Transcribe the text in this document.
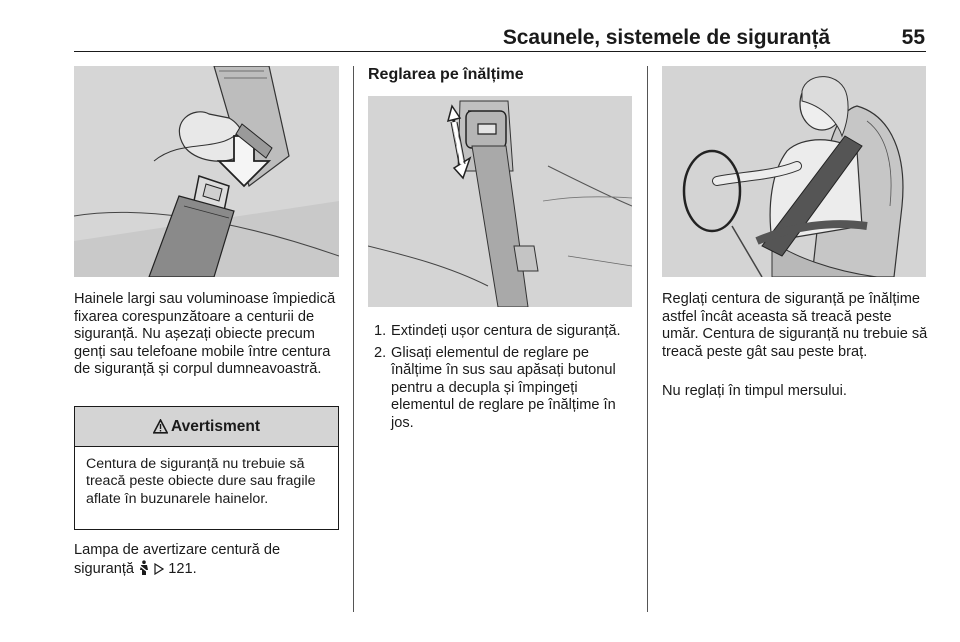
Scaunele, sistemele de siguranță	55
Hainele largi sau voluminoase împiedică fixarea corespunzătoare a centurii de siguranță. Nu așezați obiecte precum genți sau telefoane mobile între centura de siguranță și corpul dumneavoastră.
Avertisment
Centura de siguranță nu trebuie să treacă peste obiecte dure sau fragile aflate în buzunarele hainelor.
Lampa de avertizare centură de siguranță 121.
Reglarea pe înălțime
1. Extindeți ușor centura de siguranță.
2. Glisați elementul de reglare pe înălțime în sus sau apăsați butonul pentru a decupla și împingeți elementul de reglare pe înălțime în jos.
Reglați centura de siguranță pe înălțime astfel încât aceasta să treacă peste umăr. Centura de siguranță nu trebuie să treacă peste gât sau peste braț.
Nu reglați în timpul mersului.
